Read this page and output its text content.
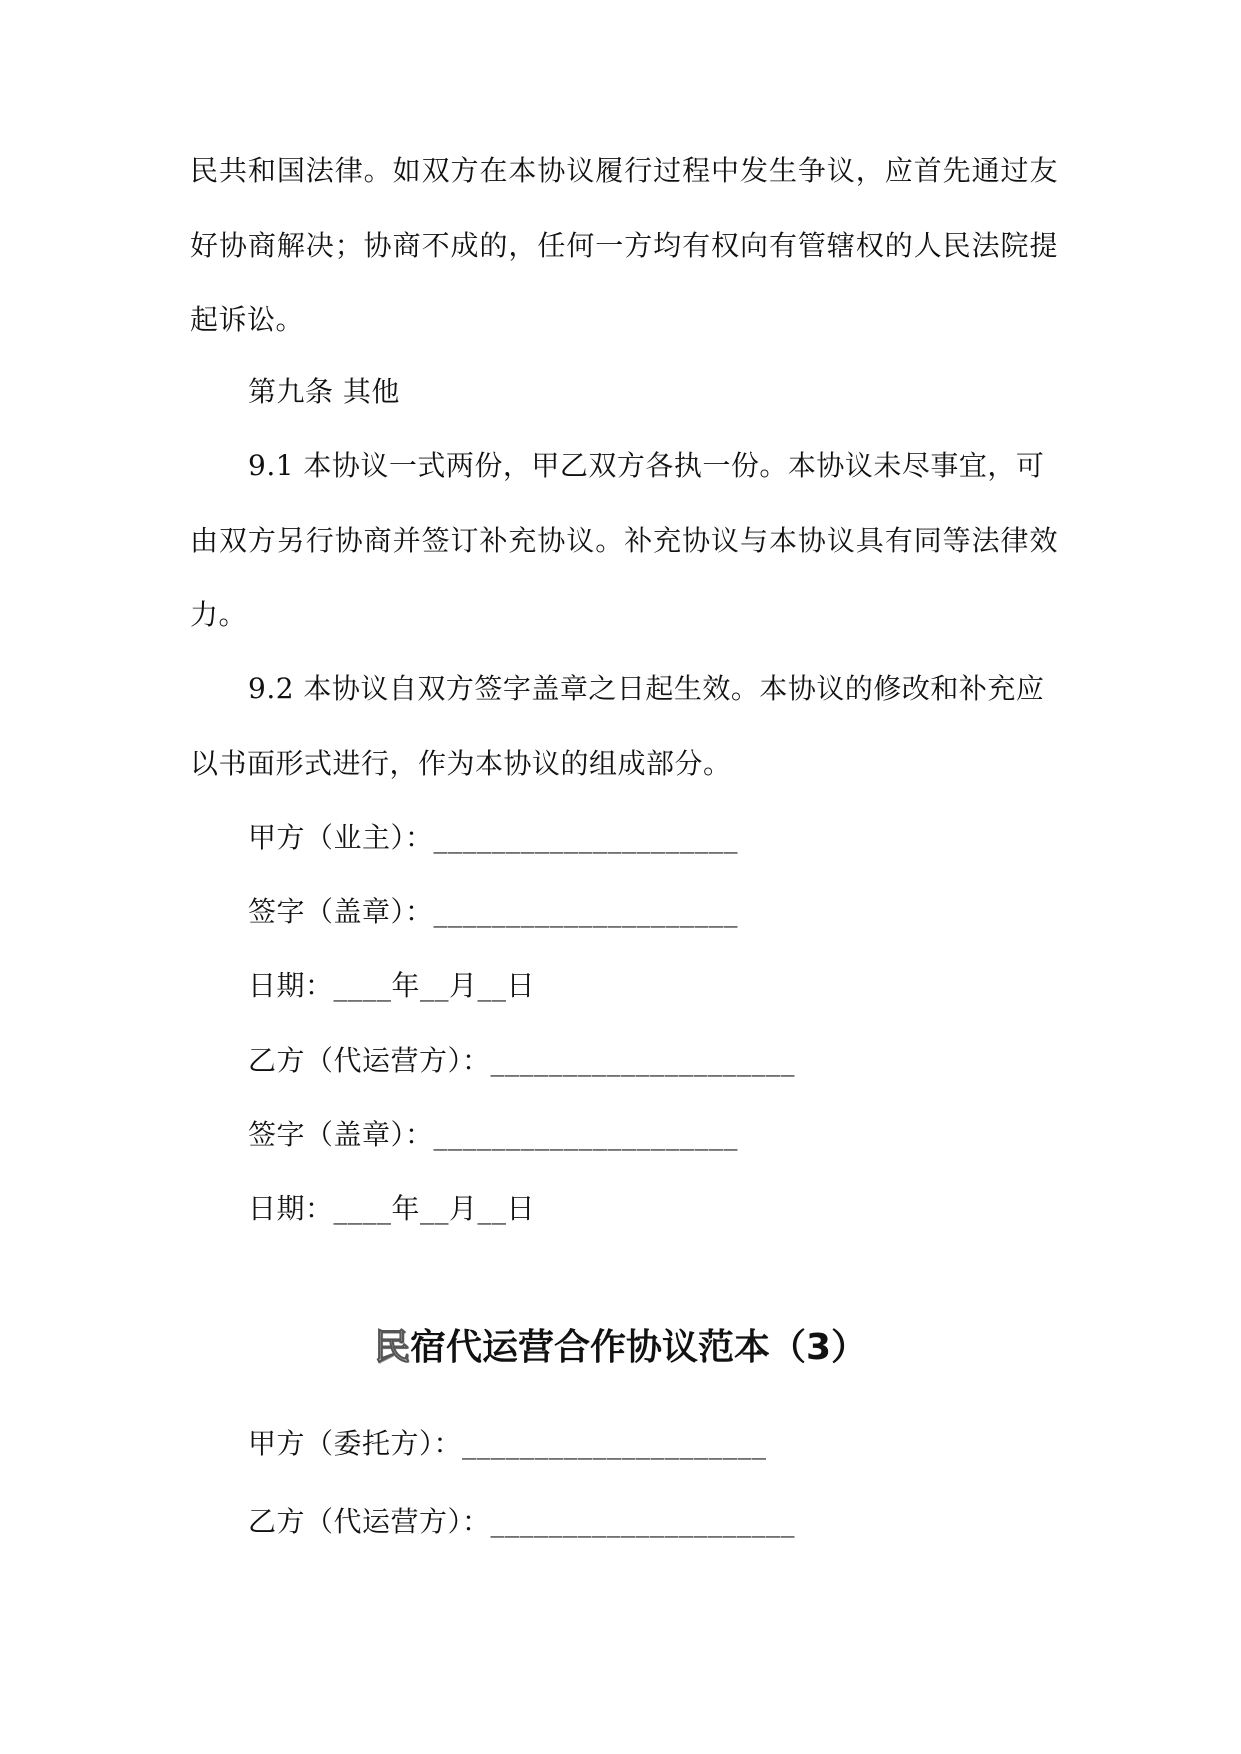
民共和国法律。如双方在本协议履行过程中发生争议，应首先通过友
好协商解决；协商不成的，任何一方均有权向有管辖权的人民法院提
起诉讼。
第九条 其他
9.1 本协议一式两份，甲乙双方各执一份。本协议未尽事宜，可
由双方另行协商并签订补充协议。补充协议与本协议具有同等法律效
力。
9.2 本协议自双方签字盖章之日起生效。本协议的修改和补充应
以书面形式进行，作为本协议的组成部分。
甲方（业主）：_____________________
签字（盖章）：_____________________
日期：____年__月__日
乙方（代运营方）：_____________________
签字（盖章）：_____________________
日期：____年__月__日
民宿代运营合作协议范本（3）
甲方（委托方）：_____________________
乙方（代运营方）：_____________________
